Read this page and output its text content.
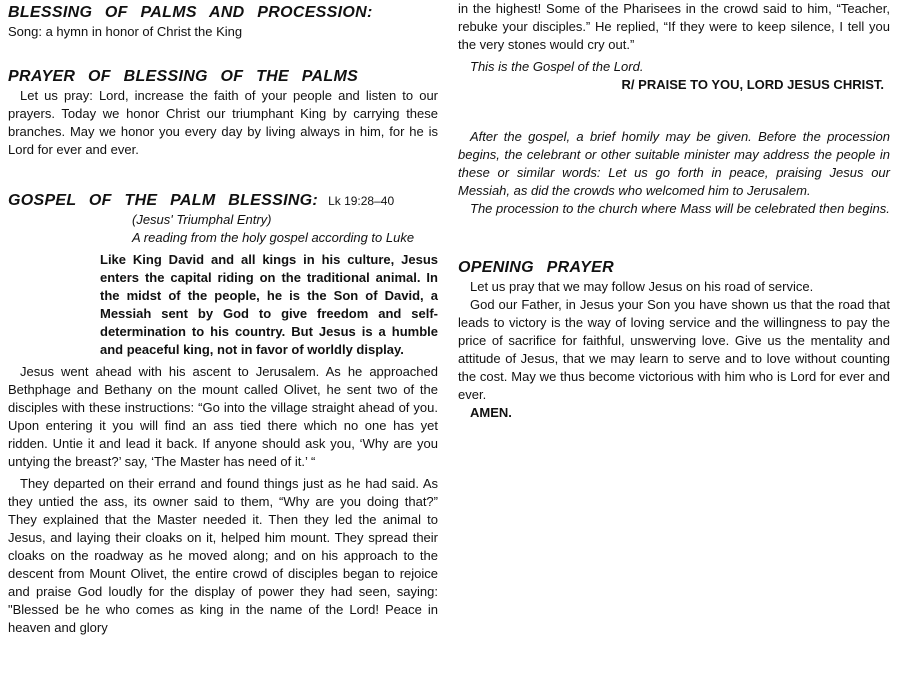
BLESSING OF PALMS AND PROCESSION:

Song: a hymn in honor of Christ the King

PRAYER OF BLESSING OF THE PALMS

Let us pray: Lord, increase the faith of your people and listen to our prayers. Today we honor Christ our triumphant King by carrying these branches. May we honor you every day by living always in him, for he is Lord for ever and ever.

GOSPEL OF THE PALM BLESSING: Lk 19:28–40

(Jesus' Triumphal Entry)

A reading from the holy gospel according to Luke

Like King David and all kings in his culture, Jesus enters the capital riding on the traditional animal. In the midst of the people, he is the Son of David, a Messiah sent by God to give freedom and self-determination to his country. But Jesus is a humble and peaceful king, not in favor of worldly display.

Jesus went ahead with his ascent to Jerusalem. As he approached Bethphage and Bethany on the mount called Olivet, he sent two of the disciples with these instructions: “Go into the village straight ahead of you. Upon entering it you will find an ass tied there which no one has yet ridden. Untie it and lead it back. If anyone should ask you, ‘Why are you untying the breast?’ say, ‘The Master has need of it.’ “

They departed on their errand and found things just as he had said. As they untied the ass, its owner said to them, “Why are you doing that?” They explained that the Master needed it. Then they led the animal to Jesus, and laying their cloaks on it, helped him mount. They spread their cloaks on the roadway as he moved along; and on his approach to the descent from Mount Olivet, the entire crowd of disciples began to rejoice and praise God loudly for the display of power they had seen, saying: "Blessed be he who comes as king in the name of the Lord! Peace in heaven and glory

in the highest! Some of the Pharisees in the crowd said to him, “Teacher, rebuke your disciples.” He replied, “If they were to keep silence, I tell you the very stones would cry out.”

This is the Gospel of the Lord.

R/ PRAISE TO YOU, LORD JESUS CHRIST.

After the gospel, a brief homily may be given. Before the procession begins, the celebrant or other suitable minister may address the people in these or similar words: Let us go forth in peace, praising Jesus our Messiah, as did the crowds who welcomed him to Jerusalem.

The procession to the church where Mass will be celebrated then begins.

OPENING PRAYER

Let us pray that we may follow Jesus on his road of service.

God our Father, in Jesus your Son you have shown us that the road that leads to victory is the way of loving service and the willingness to pay the price of sacrifice for faithful, unswerving love. Give us the mentality and attitude of Jesus, that we may learn to serve and to love without counting the cost. May we thus become victorious with him who is Lord for ever and ever.

AMEN.
